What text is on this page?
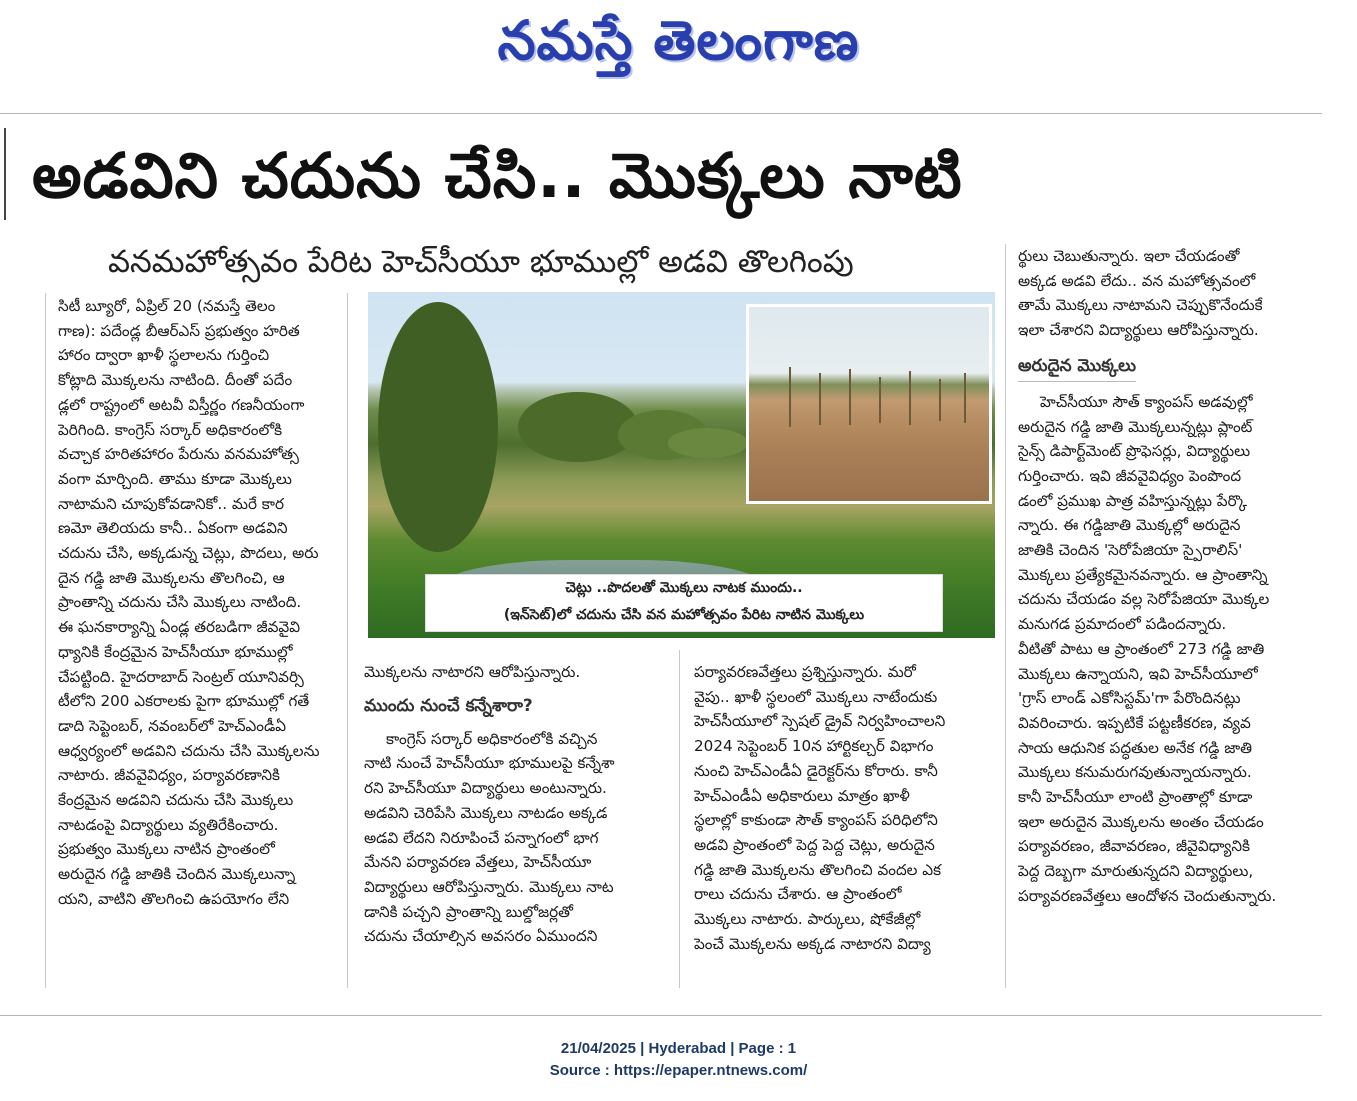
నమస్తే తెలంగాణ
అడవిని చదును చేసి.. మొక్కలు నాటి
వనమహోత్సవం పేరిట హెచ్‌సీయూ భూముల్లో అడవి తొలగింపు
చెట్లు ..పొదలతో మొక్కలు నాటక ముందు..
(ఇన్‌సెట్)లో చదును చేసి వన మహోత్సవం పేరిట నాటిన మొక్కలు
సిటీ బ్యూరో, ఏప్రిల్ 20 (నమస్తే తెలం
గాణ): పదేండ్ల బీఆర్‌ఎస్ ప్రభుత్వం హరిత
హారం ద్వారా ఖాళీ స్థలాలను గుర్తించి
కోట్లాది మొక్కలను నాటింది. దీంతో పదేం
డ్లలో రాష్ట్రంలో అటవీ విస్తీర్ణం గణనీయంగా
పెరిగింది. కాంగ్రెస్ సర్కార్ అధికారంలోకి
వచ్చాక హరితహారం పేరును వనమహోత్స
వంగా మార్చింది. తాము కూడా మొక్కలు
నాటామని చూపుకోవడానికో.. మరే కార
ణమో తెలియదు కానీ.. ఏకంగా అడవిని
చదును చేసి, అక్కడున్న చెట్లు, పొదలు, అరు
దైన గడ్డి జాతి మొక్కలను తొలగించి, ఆ
ప్రాంతాన్ని చదును చేసి మొక్కలు నాటింది.
ఈ ఘనకార్యాన్ని ఏండ్ల తరబడిగా జీవవైవి
ధ్యానికి కేంద్రమైన హెచ్‌సీయూ భూముల్లో
చేపట్టింది. హైదరాబాద్ సెంట్రల్ యూనివర్సి
టీలోని 200 ఎకరాలకు పైగా భూముల్లో గతే
డాది సెప్టెంబర్, నవంబర్‌లో హెచ్‌ఎండీఏ
ఆధ్వర్యంలో అడవిని చదును చేసి మొక్కలను
నాటారు. జీవవైవిధ్యం, పర్యావరణానికి
కేంద్రమైన అడవిని చదును చేసి మొక్కలు
నాటడంపై విద్యార్థులు వ్యతిరేకించారు.
ప్రభుత్వం మొక్కలు నాటిన ప్రాంతంలో
అరుదైన గడ్డి జాతికి చెందిన మొక్కలున్నా
యని, వాటిని తొలగించి ఉపయోగం లేని
మొక్కలను నాటారని ఆరోపిస్తున్నారు.
ముందు నుంచే కన్నేశారా?
కాంగ్రెస్ సర్కార్ అధికారంలోకి వచ్చిన
నాటి నుంచే హెచ్‌సీయూ భూములపై కన్నేశా
రని హెచ్‌సీయూ విద్యార్థులు అంటున్నారు.
అడవిని చెరిపేసి మొక్కలు నాటడం అక్కడ
అడవి లేదని నిరూపించే పన్నాగంలో భాగ
మేనని పర్యావరణ వేత్తలు, హెచ్‌సీయూ
విద్యార్థులు ఆరోపిస్తున్నారు. మొక్కలు నాట
డానికి పచ్చని ప్రాంతాన్ని బుల్డోజర్లతో
చదును చేయాల్సిన అవసరం ఏముందని
పర్యావరణవేత్తలు ప్రశ్నిస్తున్నారు. మరో
వైపు.. ఖాళీ స్థలంలో మొక్కలు నాటేందుకు
హెచ్‌సీయూలో స్పెషల్ డ్రైవ్ నిర్వహించాలని
2024 సెప్టెంబర్ 10న హార్టికల్చర్ విభాగం
నుంచి హెచ్‌ఎండీఏ డైరెక్టర్‌ను కోరారు. కానీ
హెచ్‌ఎండీఏ అధికారులు మాత్రం ఖాళీ
స్థలాల్లో కాకుండా సౌత్ క్యాంపస్ పరిధిలోని
అడవి ప్రాంతంలో పెద్ద పెద్ద చెట్లు, అరుదైన
గడ్డి జాతి మొక్కలను తొలగించి వందల ఎక
రాలు చదును చేశారు. ఆ ప్రాంతంలో
మొక్కలు నాటారు. పార్కులు, షోకేజీల్లో
పెంచే మొక్కలను అక్కడ నాటారని విద్యా
ర్థులు చెబుతున్నారు. ఇలా చేయడంతో
అక్కడ అడవి లేదు.. వన మహోత్సవంలో
తామే మొక్కలు నాటామని చెప్పుకొనేందుకే
ఇలా చేశారని విద్యార్థులు ఆరోపిస్తున్నారు.
అరుదైన మొక్కలు
హెచ్‌సీయూ సౌత్ క్యాంపస్ అడవుల్లో
అరుదైన గడ్డి జాతి మొక్కలున్నట్లు ప్లాంట్
సైన్స్ డిపార్ట్‌మెంట్ ప్రొఫెసర్లు, విద్యార్థులు
గుర్తించారు. ఇవి జీవవైవిధ్యం పెంపొంద
డంలో ప్రముఖ పాత్ర వహిస్తున్నట్లు పేర్కొ
న్నారు. ఈ గడ్డిజాతి మొక్కల్లో అరుదైన
జాతికి చెందిన 'సెరోపేజియా స్పైరాలిస్'
మొక్కలు ప్రత్యేకమైనవన్నారు. ఆ ప్రాంతాన్ని
చదును చేయడం వల్ల సెరోపేజియా మొక్కల
మనుగడ ప్రమాదంలో పడిందన్నారు.
వీటితో పాటు ఆ ప్రాంతంలో 273 గడ్డి జాతి
మొక్కలు ఉన్నాయని, ఇవి హెచ్‌సీయూలో
'గ్రాస్ లాండ్ ఎకోసిస్టమ్'గా పేరొందినట్లు
వివరించారు. ఇప్పటికే పట్టణీకరణ, వ్యవ
సాయ ఆధునిక పద్ధతుల అనేక గడ్డి జాతి
మొక్కలు కనుమరుగవుతున్నాయన్నారు.
కానీ హెచ్‌సీయూ లాంటి ప్రాంతాల్లో కూడా
ఇలా అరుదైన మొక్కలను అంతం చేయడం
పర్యావరణం, జీవావరణం, జీవైవిధ్యానికి
పెద్ద దెబ్బగా మారుతున్నదని విద్యార్థులు,
పర్యావరణవేత్తలు ఆందోళన చెందుతున్నారు.
21/04/2025 | Hyderabad | Page : 1
Source : https://epaper.ntnews.com/
